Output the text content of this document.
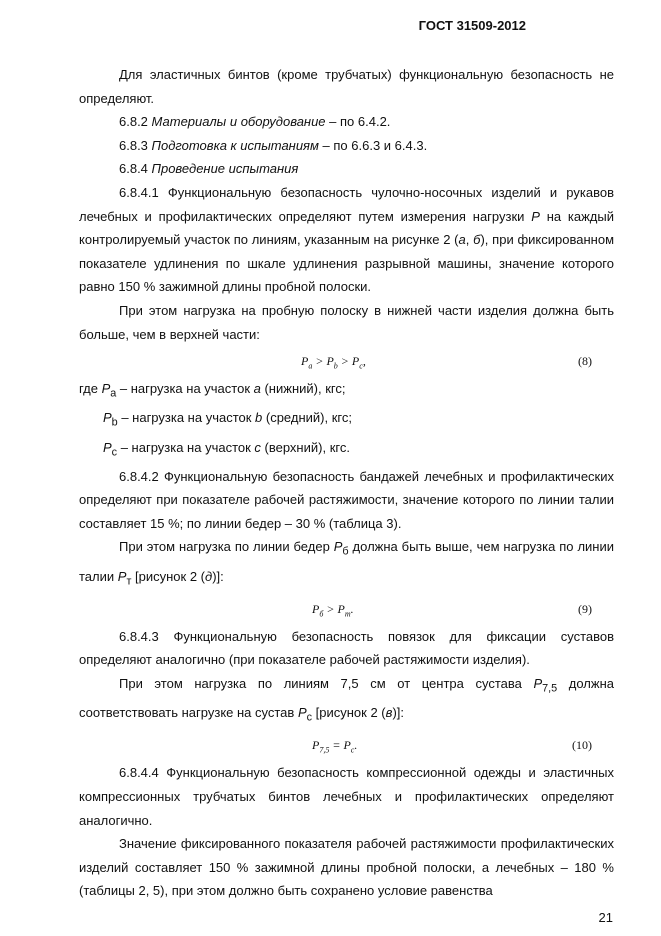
ГОСТ 31509-2012

Для эластичных бинтов (кроме трубчатых) функциональную безопасность не определяют.

6.8.2 Материалы и оборудование – по 6.4.2.

6.8.3 Подготовка к испытаниям – по 6.6.3 и 6.4.3.

6.8.4 Проведение испытания

6.8.4.1 Функциональную безопасность чулочно-носочных изделий и рукавов лечебных и профилактических определяют путем измерения нагрузки P на каждый контролируемый участок по линиям, указанным на рисунке 2 (а, б), при фиксированном показателе удлинения по шкале удлинения разрывной машины, значение которого равно 150 % зажимной длины пробной полоски.

При этом нагрузка на пробную полоску в нижней части изделия должна быть больше, чем в верхней части:

$P_a > P_b > P_c$,	(8)

где $P_a$ – нагрузка на участок a (нижний), кгс;

$P_b$ – нагрузка на участок b (средний), кгс;

$P_c$ – нагрузка на участок c (верхний), кгс.

6.8.4.2 Функциональную безопасность бандажей лечебных и профилактических определяют при показателе рабочей растяжимости, значение которого по линии талии составляет 15 %; по линии бедер – 30 % (таблица 3).

При этом нагрузка по линии бедер $P_б$ должна быть выше, чем нагрузка по линии талии $P_т$ [рисунок 2 (д)]:

$P_б > P_т$.	(9)

6.8.4.3 Функциональную безопасность повязок для фиксации суставов определяют аналогично (при показателе рабочей растяжимости изделия).

При этом нагрузка по линиям 7,5 см от центра сустава $P_{7,5}$ должна соответствовать нагрузке на сустав $P_с$ [рисунок 2 (в)]:

$P_{7,5} = P_с$.	(10)

6.8.4.4 Функциональную безопасность компрессионной одежды и эластичных компрессионных трубчатых бинтов лечебных и профилактических определяют аналогично.

Значение фиксированного показателя рабочей растяжимости профилактических изделий составляет 150 % зажимной длины пробной полоски, а лечебных – 180 % (таблицы 2, 5), при этом должно быть сохранено условие равенства

21
